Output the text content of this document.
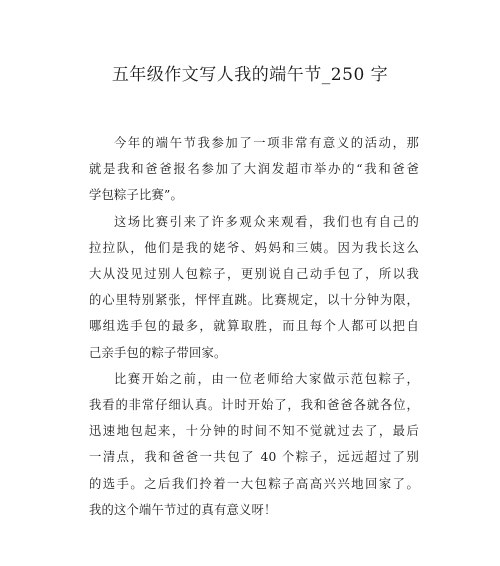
五年级作文写人我的端午节_250 字
今年的端午节我参加了一项非常有意义的活动，那
就是我和爸爸报名参加了大润发超市举办的“我和爸爸
学包粽子比赛”。
这场比赛引来了许多观众来观看，我们也有自己的
拉拉队，他们是我的姥爷、妈妈和三姨。因为我长这么
大从没见过别人包粽子，更别说自己动手包了，所以我
的心里特别紧张，怦怦直跳。比赛规定，以十分钟为限，
哪组选手包的最多，就算取胜，而且每个人都可以把自
己亲手包的粽子带回家。
比赛开始之前，由一位老师给大家做示范包粽子，
我看的非常仔细认真。计时开始了，我和爸爸各就各位，
迅速地包起来，十分钟的时间不知不觉就过去了，最后
一清点，我和爸爸一共包了 40 个粽子，远远超过了别
的选手。之后我们拎着一大包粽子高高兴兴地回家了。
我的这个端午节过的真有意义呀！
